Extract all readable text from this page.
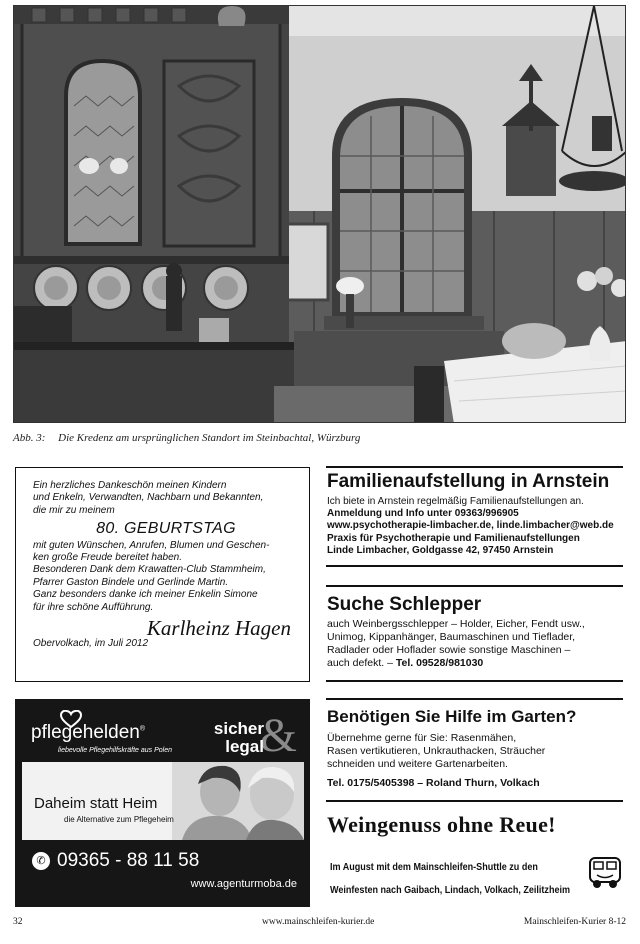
Abb. 3: Die Kredenz am ursprünglichen Standort im Steinbachtal, Würzburg
Ein herzliches Dankeschön meinen Kindern
und Enkeln, Verwandten, Nachbarn und Bekannten,
die mir zu meinem
80. GEBURTSTAG
mit guten Wünschen, Anrufen, Blumen und Geschen-
ken große Freude bereitet haben.
Besonderen Dank dem Krawatten-Club Stammheim,
Pfarrer Gaston Bindele und Gerlinde Martin.
Ganz besonders danke ich meiner Enkelin Simone
für ihre schöne Aufführung.
Karlheinz Hagen
Obervolkach, im Juli 2012
Familienaufstellung in Arnstein
Ich biete in Arnstein regelmäßig Familienaufstellungen an.
Anmeldung und Info unter 09363/996905
www.psychotherapie-limbacher.de, linde.limbacher@web.de
Praxis für Psychotherapie und Familienaufstellungen
Linde Limbacher, Goldgasse 42, 97450 Arnstein
Suche Schlepper
auch Weinbergsschlepper – Holder, Eicher, Fendt usw.,
Unimog, Kippanhänger, Baumaschinen und Tieflader,
Radlader oder Hoflader sowie sonstige Maschinen –
auch defekt. – Tel. 09528/981030
Benötigen Sie Hilfe im Garten?
Übernehme gerne für Sie: Rasenmähen,
Rasen vertikutieren, Unkrauthacken, Sträucher
schneiden und weitere Gartenarbeiten.
Tel. 0175/5405398 – Roland Thurn, Volkach
pflegehelden®
liebevolle Pflegehilfskräfte aus Polen &
sicher
legal
Daheim statt Heim
die Alternative zum Pflegeheim
✆ 09365 - 88 11 58
www.agenturmoba.de
Weingenuss ohne Reue!
Im August mit dem Mainschleifen-Shuttle zu den
Weinfesten nach Gaibach, Lindach, Volkach, Zeilitzheim
32	www.mainschleifen-kurier.de	Mainschleifen-Kurier 8-12
